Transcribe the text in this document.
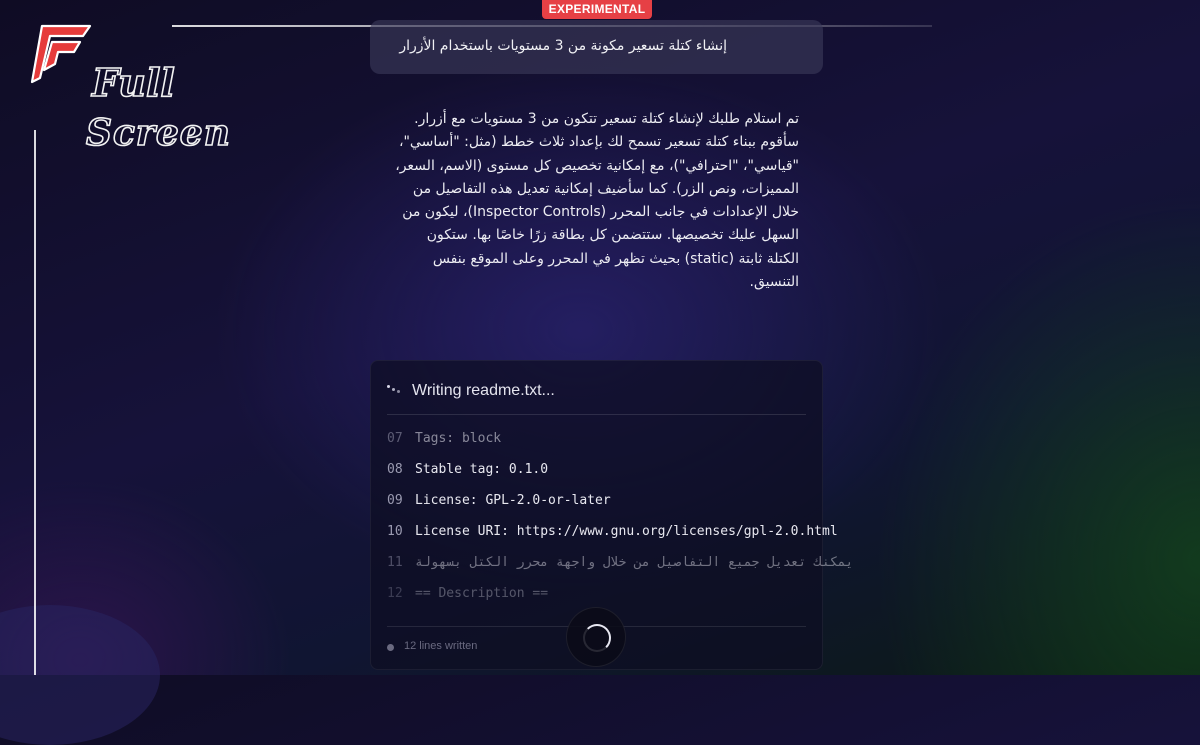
EXPERIMENTAL
Full
Screen
إنشاء كتلة تسعير مكونة من 3 مستويات باستخدام الأزرار
تم استلام طلبك لإنشاء كتلة تسعير تتكون من 3 مستويات مع أزرار. سأقوم ببناء كتلة تسعير تسمح لك بإعداد ثلاث خطط (مثل: "أساسي"، "قياسي"، "احترافي")، مع إمكانية تخصيص كل مستوى (الاسم، السعر، المميزات، ونص الزر). كما سأضيف إمكانية تعديل هذه التفاصيل من خلال الإعدادات في جانب المحرر (Inspector Controls)، ليكون من السهل عليك تخصيصها. ستتضمن كل بطاقة زرًا خاصًا بها. ستكون الكتلة ثابتة (static) بحيث تظهر في المحرر وعلى الموقع بنفس التنسيق.
Writing readme.txt...
07 Tags: block
08 Stable tag: 0.1.0
09 License: GPL-2.0-or-later
10 License URI: https://www.gnu.org/licenses/gpl-2.0.html
11 يمكنك تعديل جميع التفاصيل من خلال واجهة محرر الكتل بسهولة
12 == Description ==
12 lines written
